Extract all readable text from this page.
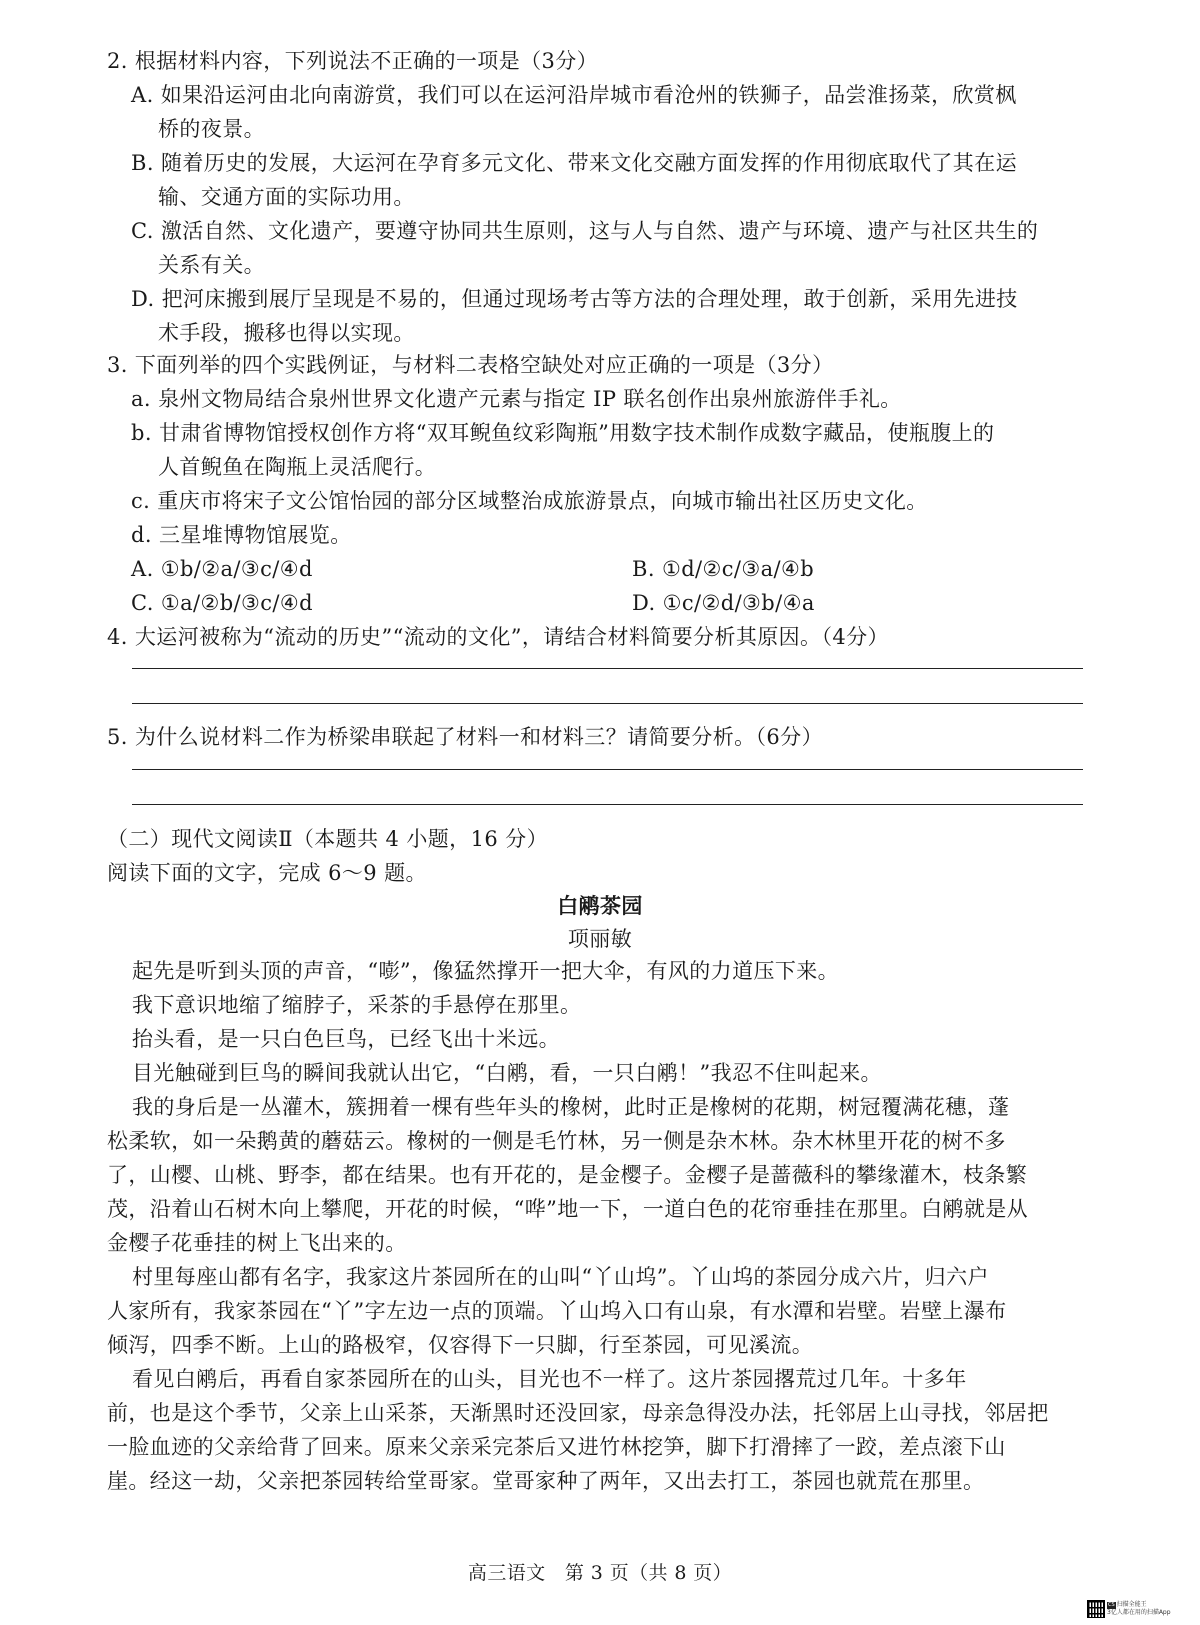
2. 根据材料内容，下列说法不正确的一项是（3分）
A. 如果沿运河由北向南游赏，我们可以在运河沿岸城市看沧州的铁狮子，品尝淮扬菜，欣赏枫
桥的夜景。
B. 随着历史的发展，大运河在孕育多元文化、带来文化交融方面发挥的作用彻底取代了其在运
输、交通方面的实际功用。
C. 激活自然、文化遗产，要遵守协同共生原则，这与人与自然、遗产与环境、遗产与社区共生的
关系有关。
D. 把河床搬到展厅呈现是不易的，但通过现场考古等方法的合理处理，敢于创新，采用先进技
术手段，搬移也得以实现。
3. 下面列举的四个实践例证，与材料二表格空缺处对应正确的一项是（3分）
a. 泉州文物局结合泉州世界文化遗产元素与指定 IP 联名创作出泉州旅游伴手礼。
b. 甘肃省博物馆授权创作方将“双耳鲵鱼纹彩陶瓶”用数字技术制作成数字藏品，使瓶腹上的
人首鲵鱼在陶瓶上灵活爬行。
c. 重庆市将宋子文公馆怡园的部分区域整治成旅游景点，向城市输出社区历史文化。
d. 三星堆博物馆展览。
A. ①b/②a/③c/④d	B. ①d/②c/③a/④b
C. ①a/②b/③c/④d	D. ①c/②d/③b/④a
4. 大运河被称为“流动的历史”“流动的文化”，请结合材料简要分析其原因。（4分）
5. 为什么说材料二作为桥梁串联起了材料一和材料三？请简要分析。（6分）
（二）现代文阅读Ⅱ（本题共 4 小题，16 分）
阅读下面的文字，完成 6～9 题。
白鹇茶园
项丽敏
起先是听到头顶的声音，“嘭”，像猛然撑开一把大伞，有风的力道压下来。
我下意识地缩了缩脖子，采茶的手悬停在那里。
抬头看，是一只白色巨鸟，已经飞出十米远。
目光触碰到巨鸟的瞬间我就认出它，“白鹇，看，一只白鹇！”我忍不住叫起来。
我的身后是一丛灌木，簇拥着一棵有些年头的橡树，此时正是橡树的花期，树冠覆满花穗，蓬
松柔软，如一朵鹅黄的蘑菇云。橡树的一侧是毛竹林，另一侧是杂木林。杂木林里开花的树不多
了，山樱、山桃、野李，都在结果。也有开花的，是金樱子。金樱子是蔷薇科的攀缘灌木，枝条繁
茂，沿着山石树木向上攀爬，开花的时候，“哗”地一下，一道白色的花帘垂挂在那里。白鹇就是从
金樱子花垂挂的树上飞出来的。
村里每座山都有名字，我家这片茶园所在的山叫“丫山坞”。丫山坞的茶园分成六片，归六户
人家所有，我家茶园在“丫”字左边一点的顶端。丫山坞入口有山泉，有水潭和岩壁。岩壁上瀑布
倾泻，四季不断。上山的路极窄，仅容得下一只脚，行至茶园，可见溪流。
看见白鹇后，再看自家茶园所在的山头，目光也不一样了。这片茶园撂荒过几年。十多年
前，也是这个季节，父亲上山采茶，天渐黑时还没回家，母亲急得没办法，托邻居上山寻找，邻居把
一脸血迹的父亲给背了回来。原来父亲采完茶后又进竹林挖笋，脚下打滑摔了一跤，差点滚下山
崖。经这一劫，父亲把茶园转给堂哥家。堂哥家种了两年，又出去打工，茶园也就荒在那里。
高三语文　第 3 页（共 8 页）
CS 扫描全能王
3亿人都在用的扫描App
